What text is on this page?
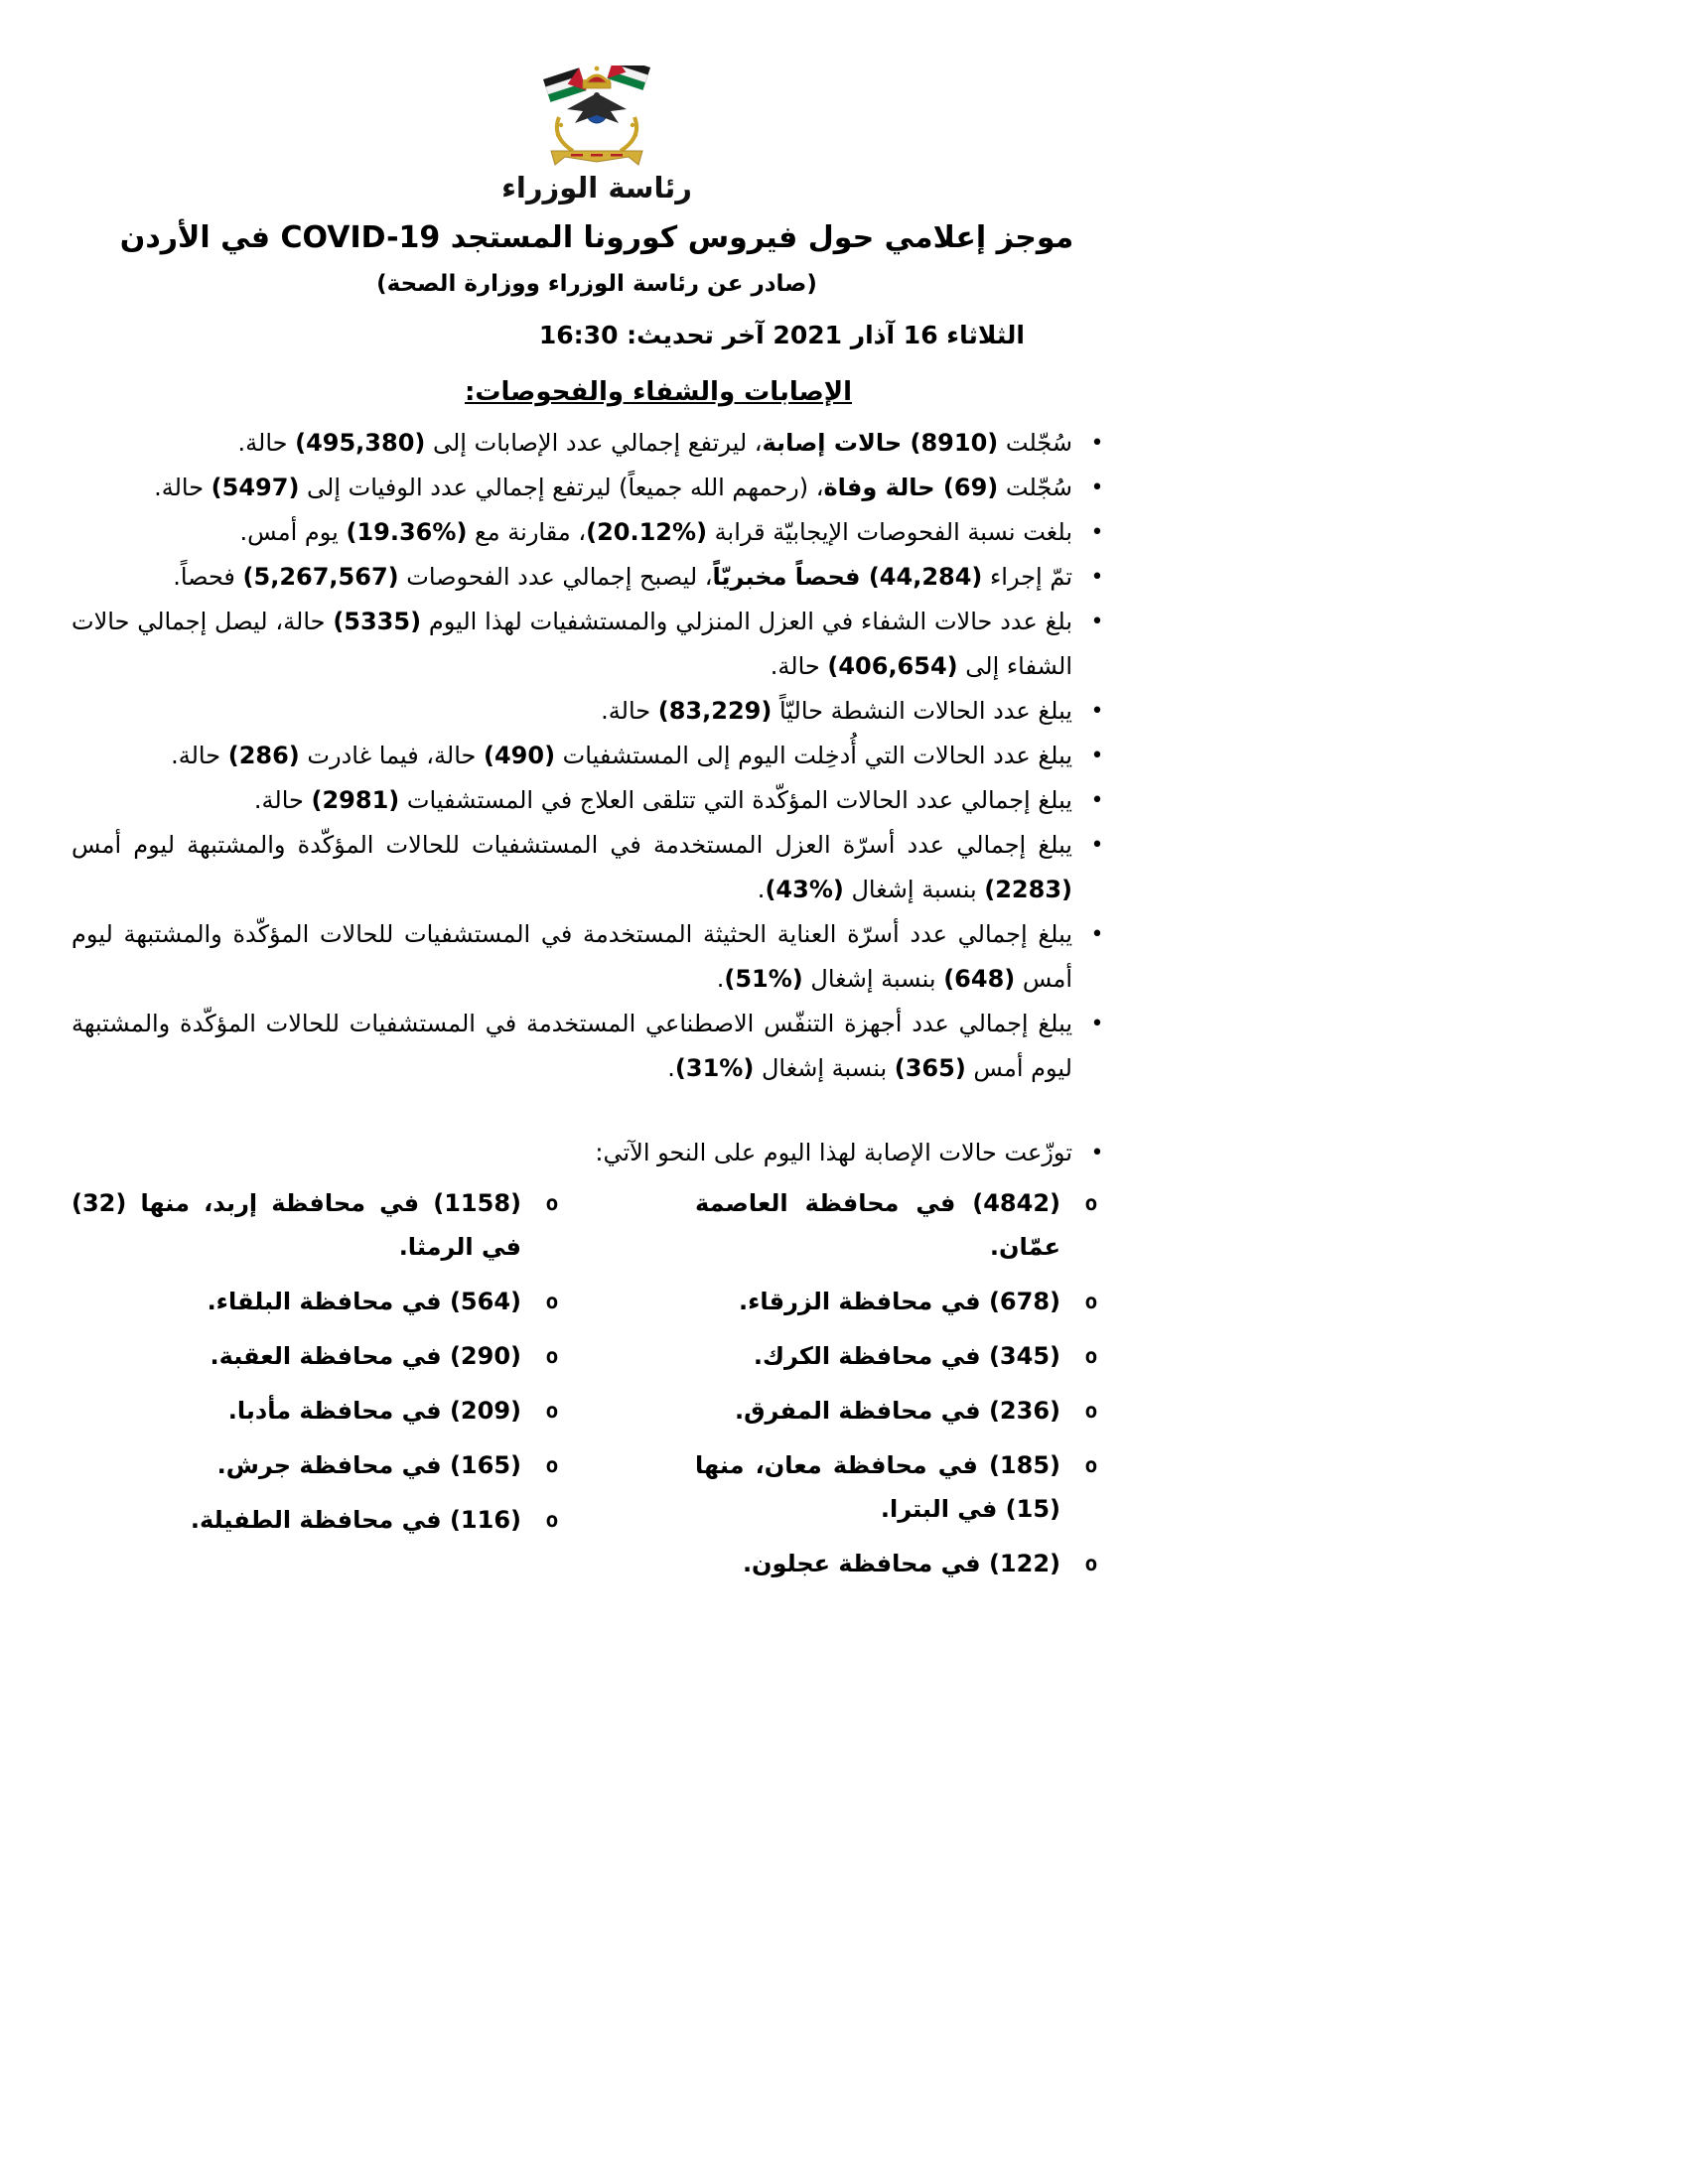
رئاسة الوزراء
موجز إعلامي حول فيروس كورونا المستجد COVID-19 في الأردن
(صادر عن رئاسة الوزراء ووزارة الصحة)
الثلاثاء 16 آذار 2021 آخر تحديث: 16:30
الإصابات والشفاء والفحوصات:
•
سُجّلت (8910) حالات إصابة، ليرتفع إجمالي عدد الإصابات إلى (495,380) حالة.
•
سُجّلت (69) حالة وفاة، (رحمهم الله جميعاً) ليرتفع إجمالي عدد الوفيات إلى (5497) حالة.
•
بلغت نسبة الفحوصات الإيجابيّة قرابة (%20.12)، مقارنة مع (%19.36) يوم أمس.
•
تمّ إجراء (44,284) فحصاً مخبريّاً، ليصبح إجمالي عدد الفحوصات (5,267,567) فحصاً.
•
بلغ عدد حالات الشفاء في العزل المنزلي والمستشفيات لهذا اليوم (5335) حالة، ليصل إجمالي حالات الشفاء إلى (406,654) حالة.
•
يبلغ عدد الحالات النشطة حاليّاً (83,229) حالة.
•
يبلغ عدد الحالات التي أُدخِلت اليوم إلى المستشفيات (490) حالة، فيما غادرت (286) حالة.
•
يبلغ إجمالي عدد الحالات المؤكّدة التي تتلقى العلاج في المستشفيات (2981) حالة.
•
يبلغ إجمالي عدد أسرّة العزل المستخدمة في المستشفيات للحالات المؤكّدة والمشتبهة ليوم أمس (2283) بنسبة إشغال (%43).
•
يبلغ إجمالي عدد أسرّة العناية الحثيثة المستخدمة في المستشفيات للحالات المؤكّدة والمشتبهة ليوم أمس (648) بنسبة إشغال (%51).
•
يبلغ إجمالي عدد أجهزة التنفّس الاصطناعي المستخدمة في المستشفيات للحالات المؤكّدة والمشتبهة ليوم أمس (365) بنسبة إشغال (%31).
•
توزّعت حالات الإصابة لهذا اليوم على النحو الآتي:
o
(4842) في محافظة العاصمة عمّان.
o
(678) في محافظة الزرقاء.
o
(345) في محافظة الكرك.
o
(236) في محافظة المفرق.
o
(185) في محافظة معان، منها (15) في البترا.
o
(122) في محافظة عجلون.
o
(1158) في محافظة إربد، منها (32) في الرمثا.
o
(564) في محافظة البلقاء.
o
(290) في محافظة العقبة.
o
(209) في محافظة مأدبا.
o
(165) في محافظة جرش.
o
(116) في محافظة الطفيلة.
